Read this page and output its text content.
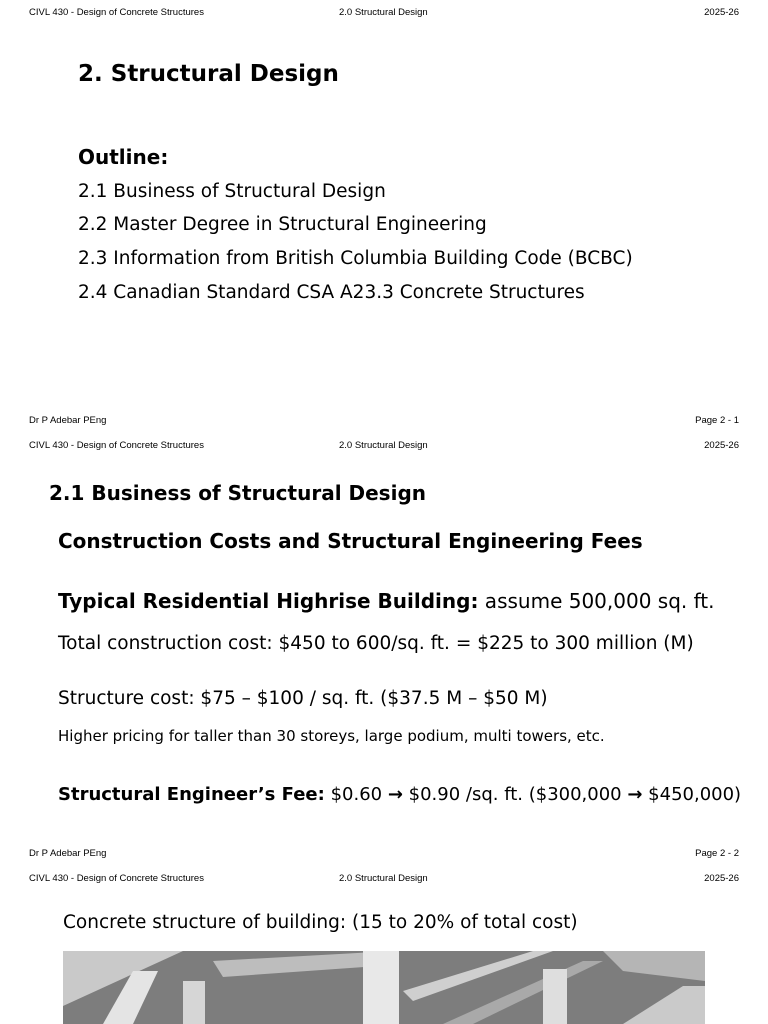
CIVL 430 - Design of Concrete Structures	2.0 Structural Design	2025-26
2. Structural Design
Outline:
2.1 Business of Structural Design
2.2 Master Degree in Structural Engineering
2.3 Information from British Columbia Building Code (BCBC)
2.4 Canadian Standard CSA A23.3 Concrete Structures
Dr P Adebar PEng	Page 2 - 1
CIVL 430 - Design of Concrete Structures	2.0 Structural Design	2025-26
2.1 Business of Structural Design
Construction Costs and Structural Engineering Fees
Typical Residential Highrise Building: assume 500,000 sq. ft.
Total construction cost: $450 to 600/sq. ft. = $225 to 300 million (M)
Structure cost: $75 – $100 / sq. ft. ($37.5 M – $50 M)
Higher pricing for taller than 30 storeys, large podium, multi towers, etc.
Structural Engineer’s Fee: $0.60 → $0.90 /sq. ft. ($300,000 → $450,000)
Dr P Adebar PEng	Page 2 - 2
CIVL 430 - Design of Concrete Structures	2.0 Structural Design	2025-26
Concrete structure of building: (15 to 20% of total cost)
